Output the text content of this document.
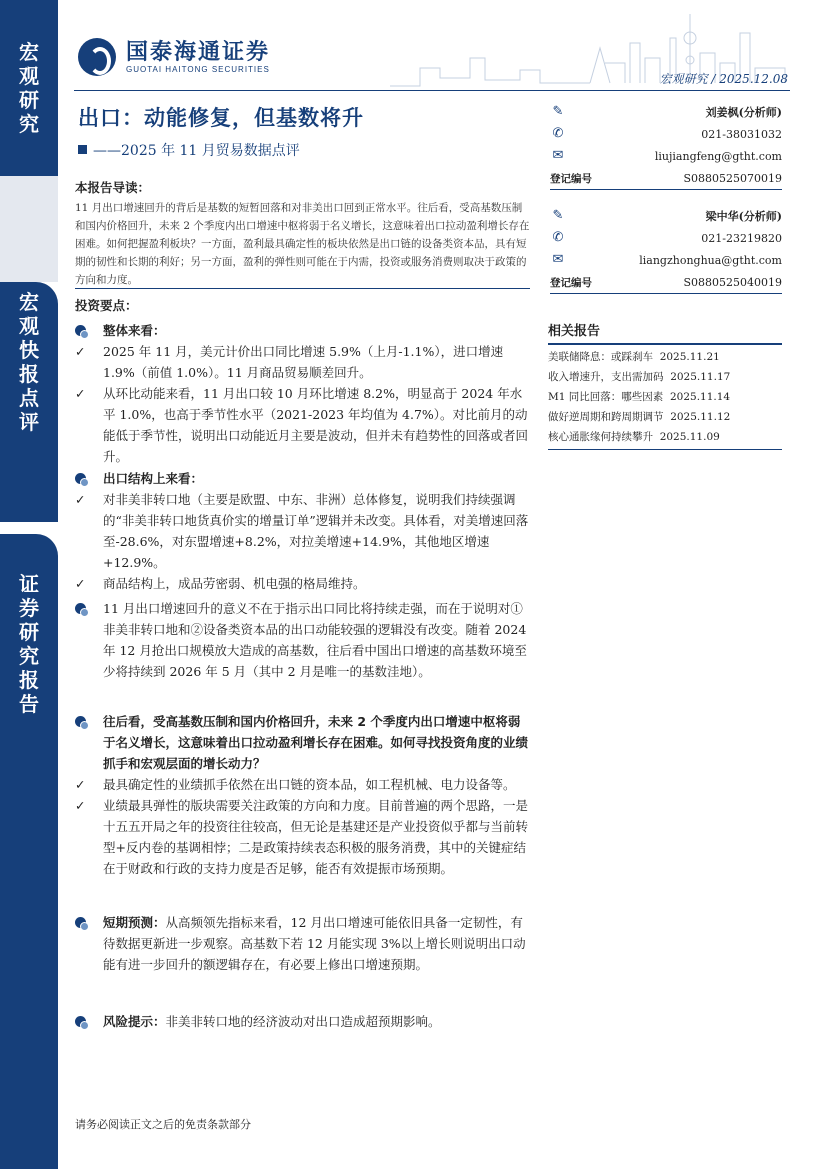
宏
观
研
究
宏
观
快
报
点
评
证
券
研
究
报
告
国泰海通证券
GUOTAI HAITONG SECURITIES
宏观研究 / 2025.12.08
出口：动能修复，但基数将升
——2025 年 11 月贸易数据点评
✎	刘姜枫(分析师)
✆	021-38031032
✉	liujiangfeng@gtht.com
登记编号	S0880525070019
✎	梁中华(分析师)
✆	021-23219820
✉	liangzhonghua@gtht.com
登记编号	S0880525040019
相关报告
美联储降息：或踩刹车 2025.11.21
收入增速升，支出需加码 2025.11.17
M1 同比回落：哪些因素 2025.11.14
做好逆周期和跨周期调节 2025.11.12
核心通胀缘何持续攀升 2025.11.09
本报告导读：
11 月出口增速回升的背后是基数的短暂回落和对非美出口回到正常水平。往后看，受高基数压制和国内价格回升，未来 2 个季度内出口增速中枢将弱于名义增长，这意味着出口拉动盈利增长存在困难。如何把握盈利板块？一方面，盈利最具确定性的板块依然是出口链的设备类资本品，具有短期的韧性和长期的利好；另一方面，盈利的弹性则可能在于内需，投资或服务消费则取决于政策的方向和力度。
投资要点：
整体来看：
✓ 2025 年 11 月，美元计价出口同比增速 5.9%（上月-1.1%），进口增速 1.9%（前值 1.0%）。11 月商品贸易顺差回升。
✓ 从环比动能来看，11 月出口较 10 月环比增速 8.2%，明显高于 2024 年水平 1.0%，也高于季节性水平（2021-2023 年均值为 4.7%）。对比前月的动能低于季节性，说明出口动能近月主要是波动，但并未有趋势性的回落或者回升。
出口结构上来看：
✓ 对非美非转口地（主要是欧盟、中东、非洲）总体修复，说明我们持续强调的“非美非转口地货真价实的增量订单”逻辑并未改变。具体看，对美增速回落至-28.6%，对东盟增速+8.2%，对拉美增速+14.9%，其他地区增速+12.9%。
✓ 商品结构上，成品劳密弱、机电强的格局维持。
11 月出口增速回升的意义不在于指示出口同比将持续走强，而在于说明对①非美非转口地和②设备类资本品的出口动能较强的逻辑没有改变。随着 2024 年 12 月抢出口规模放大造成的高基数，往后看中国出口增速的高基数环境至少将持续到 2026 年 5 月（其中 2 月是唯一的基数洼地）。
往后看，受高基数压制和国内价格回升，未来 2 个季度内出口增速中枢将弱于名义增长，这意味着出口拉动盈利增长存在困难。如何寻找投资角度的业绩抓手和宏观层面的增长动力？
✓ 最具确定性的业绩抓手依然在出口链的资本品，如工程机械、电力设备等。
✓ 业绩最具弹性的版块需要关注政策的方向和力度。目前普遍的两个思路，一是十五五开局之年的投资往往较高，但无论是基建还是产业投资似乎都与当前转型+反内卷的基调相悖；二是政策持续表态积极的服务消费，其中的关键症结在于财政和行政的支持力度是否足够，能否有效提振市场预期。
短期预测：从高频领先指标来看，12 月出口增速可能依旧具备一定韧性，有待数据更新进一步观察。高基数下若 12 月能实现 3%以上增长则说明出口动能有进一步回升的额逻辑存在，有必要上修出口增速预期。
风险提示：非美非转口地的经济波动对出口造成超预期影响。
请务必阅读正文之后的免责条款部分
